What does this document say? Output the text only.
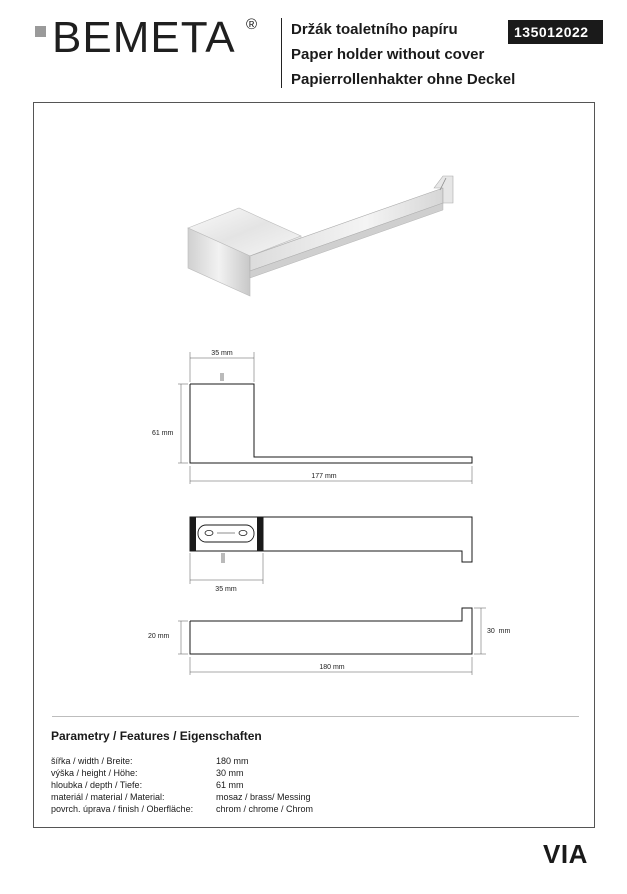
BEMETA ® Držák toaletního papíru
Paper holder without cover
Papierrollenhakter ohne Deckel
135012022
35 mm
61 mm
177 mm
35 mm
20 mm
30  mm
180 mm
Parametry / Features / Eigenschaften
šířka / width / Breite:	180 mm
výška / height / Höhe:	30 mm
hloubka / depth / Tiefe:	61 mm
materiál / material / Material:	mosaz / brass/ Messing
povrch. úprava / finish / Oberfläche:	chrom / chrome / Chrom
VIA
